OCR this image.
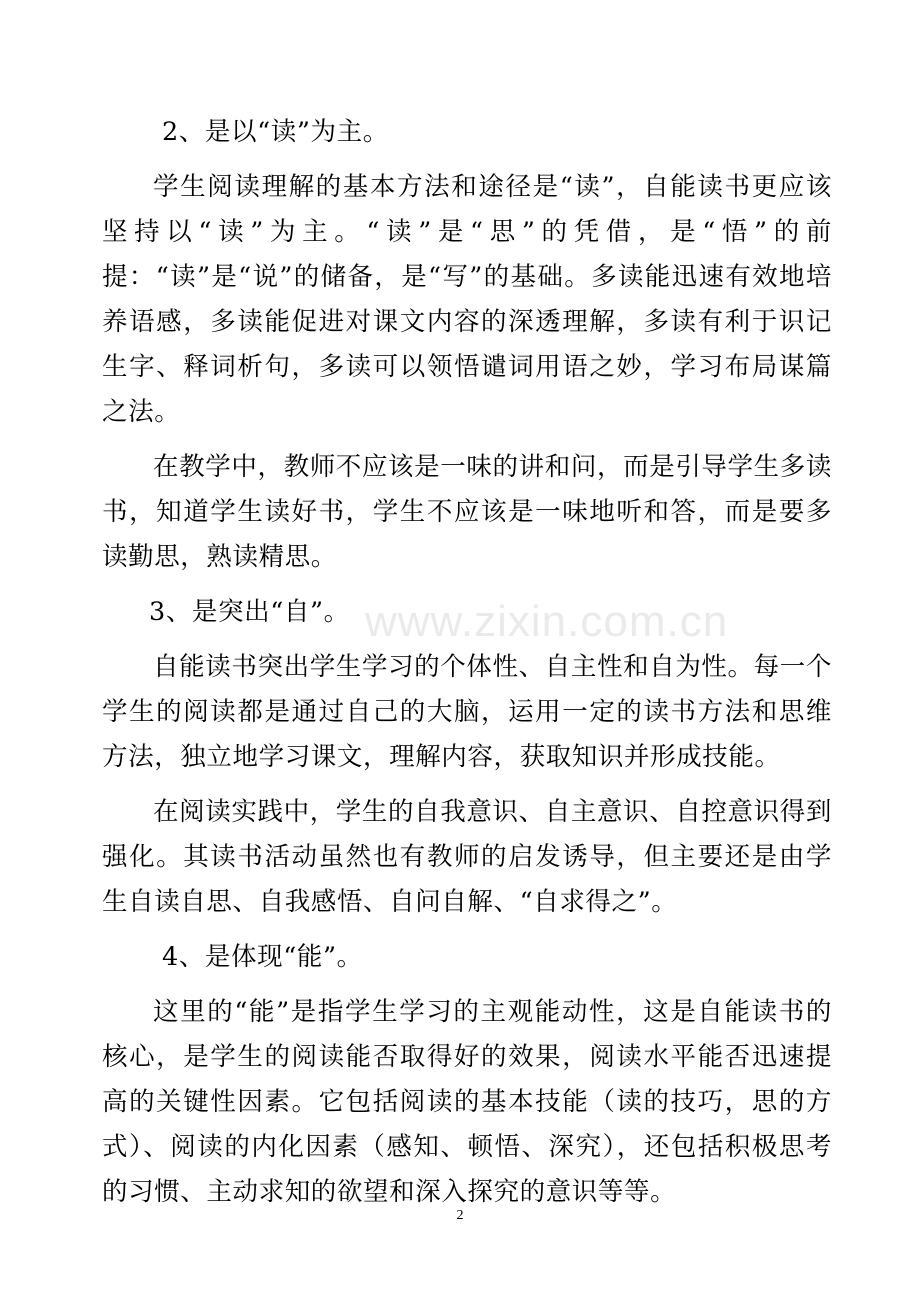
2、是以“读”为主。

学生阅读理解的基本方法和途径是“读”，自能读书更应该坚持以“读”为主。“读”是“思”的凭借，是“悟”的前提：“读”是“说”的储备，是“写”的基础。多读能迅速有效地培养语感，多读能促进对课文内容的深透理解，多读有利于识记生字、释词析句，多读可以领悟谴词用语之妙，学习布局谋篇之法。

在教学中，教师不应该是一味的讲和问，而是引导学生多读书，知道学生读好书，学生不应该是一味地听和答，而是要多读勤思，熟读精思。

3、是突出“自”。

自能读书突出学生学习的个体性、自主性和自为性。每一个学生的阅读都是通过自己的大脑，运用一定的读书方法和思维方法，独立地学习课文，理解内容，获取知识并形成技能。

在阅读实践中，学生的自我意识、自主意识、自控意识得到强化。其读书活动虽然也有教师的启发诱导，但主要还是由学生自读自思、自我感悟、自问自解、“自求得之”。

4、是体现“能”。

这里的“能”是指学生学习的主观能动性，这是自能读书的核心，是学生的阅读能否取得好的效果，阅读水平能否迅速提高的关键性因素。它包括阅读的基本技能（读的技巧，思的方式）、阅读的内化因素（感知、顿悟、深究），还包括积极思考的习惯、主动求知的欲望和深入探究的意识等等。

www.zixin.com.cn
2
